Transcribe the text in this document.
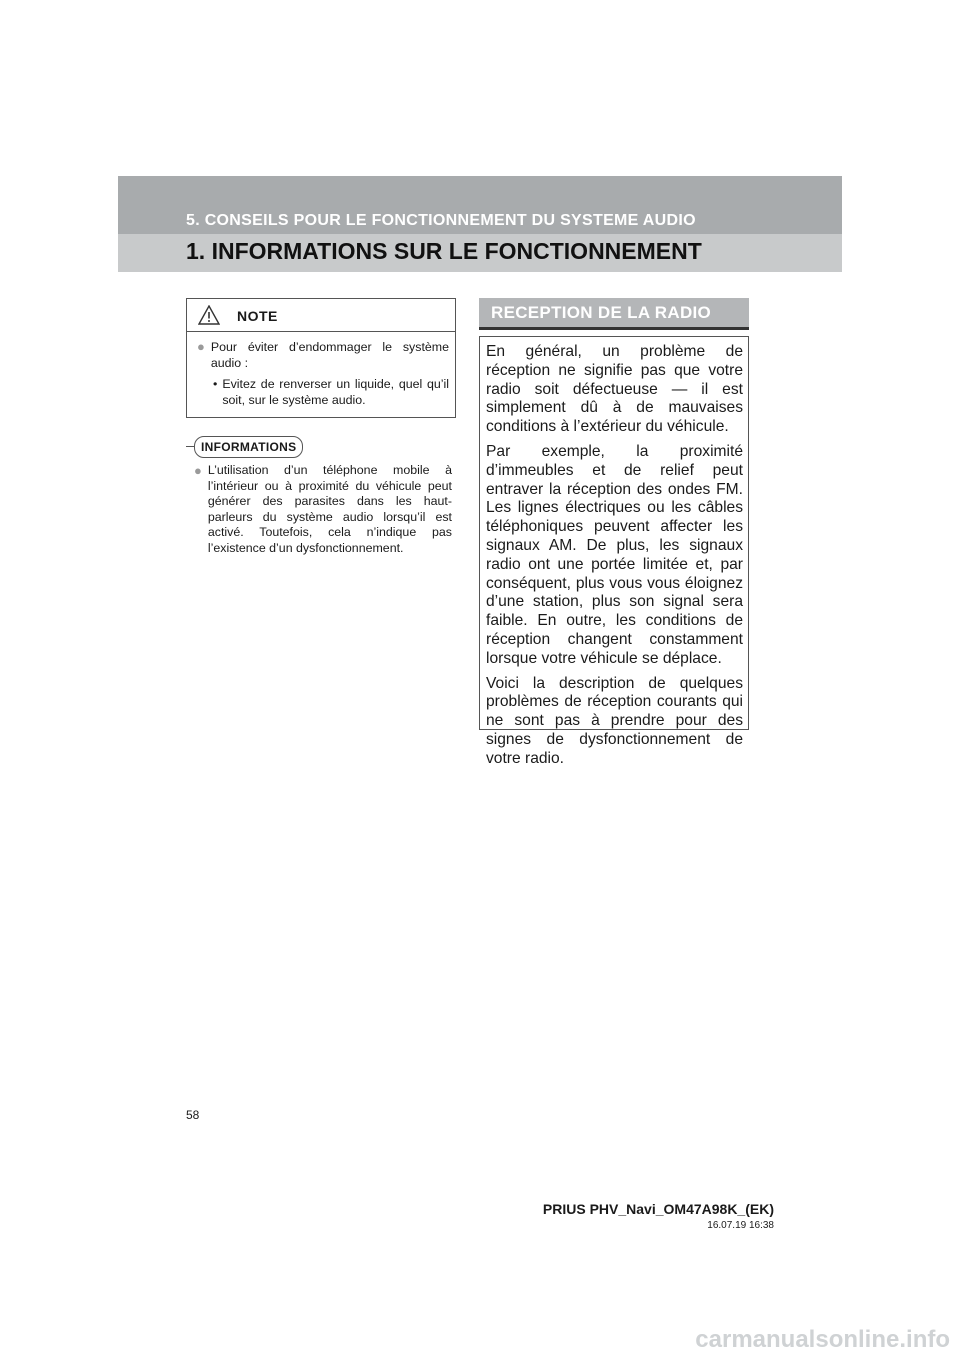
5. CONSEILS POUR LE FONCTIONNEMENT DU SYSTEME AUDIO
1. INFORMATIONS SUR LE FONCTIONNEMENT
NOTE
● Pour éviter d’endommager le système audio :
• Evitez de renverser un liquide, quel qu’il soit, sur le système audio.
INFORMATIONS
● L’utilisation d’un téléphone mobile à l’intérieur ou à proximité du véhicule peut générer des parasites dans les haut-parleurs du système audio lorsqu’il est activé. Toutefois, cela n’indique pas l’existence d’un dysfonctionnement.
RECEPTION DE LA RADIO

En général, un problème de réception ne signifie pas que votre radio soit défectueuse — il est simplement dû à de mauvaises conditions à l’extérieur du véhicule.

Par exemple, la proximité d’immeubles et de relief peut entraver la réception des ondes FM. Les lignes électriques ou les câbles téléphoniques peuvent affecter les signaux AM. De plus, les signaux radio ont une portée limitée et, par conséquent, plus vous vous éloignez d’une station, plus son signal sera faible. En outre, les conditions de réception changent constamment lorsque votre véhicule se déplace.

Voici la description de quelques problèmes de réception courants qui ne sont pas à prendre pour des signes de dysfonctionnement de votre radio.

58
PRIUS PHV_Navi_OM47A98K_(EK)
16.07.19 16:38
carmanualsonline.info
